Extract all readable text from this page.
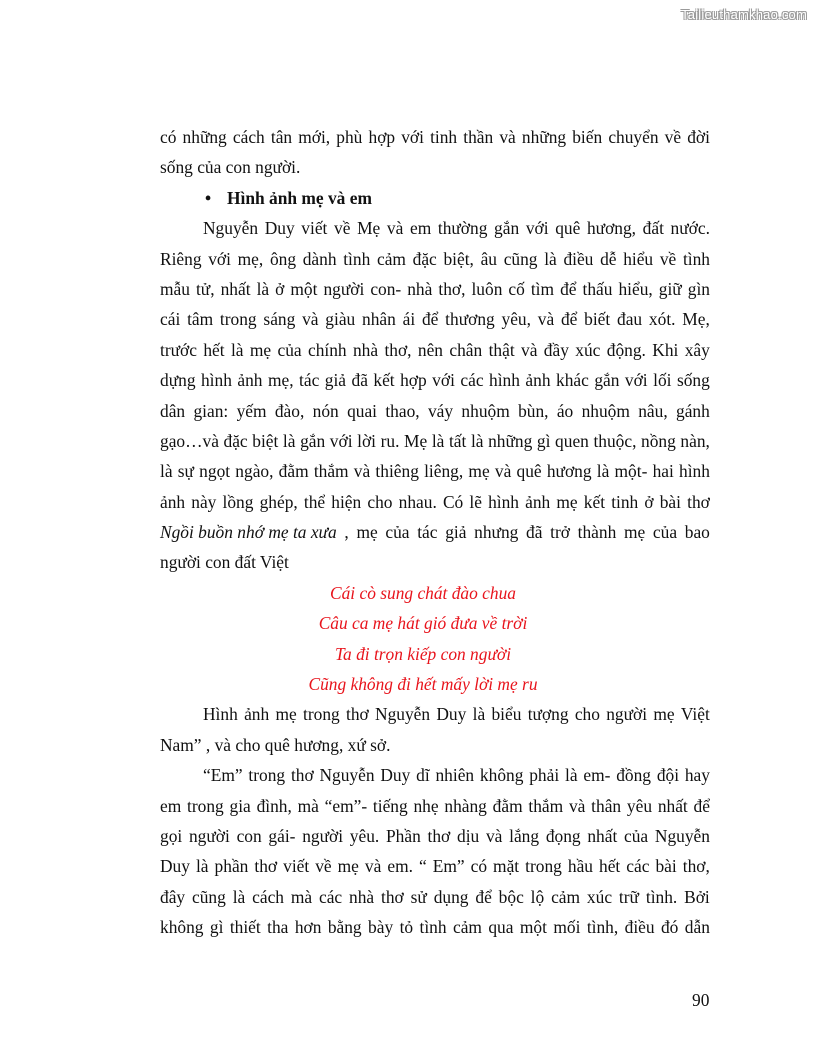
Tailieuthamkhao.com
có những cách tân mới, phù hợp với tinh thần và những biến chuyển về đời
sống của con người.
• Hình ảnh mẹ và em
Nguyễn Duy viết về Mẹ và em thường gắn với quê hương, đất nước.
Riêng với mẹ, ông dành tình cảm đặc biệt, âu cũng là điều dễ hiểu về tình
mẫu tử, nhất là ở một người con- nhà thơ, luôn cố tìm để thấu hiểu, giữ gìn
cái tâm trong sáng và giàu nhân ái để thương yêu, và để biết đau xót. Mẹ,
trước hết là mẹ của chính nhà thơ, nên chân thật và đầy xúc động. Khi xây
dựng hình ảnh mẹ, tác giả đã kết hợp với các hình ảnh khác gắn với lối sống
dân gian: yếm đào, nón quai thao, váy nhuộm bùn, áo nhuộm nâu, gánh
gạo…và đặc biệt là gắn với lời ru. Mẹ là tất là những gì quen thuộc, nồng nàn,
là sự ngọt ngào, đằm thắm và thiêng liêng, mẹ và quê hương là một- hai hình
ảnh này lồng ghép, thể hiện cho nhau. Có lẽ hình ảnh mẹ kết tinh ở bài thơ
Ngồi buồn nhớ mẹ ta xưa , mẹ của tác giả nhưng đã trở thành mẹ của bao
người con đất Việt
Cái cò sung chát đào chua
Câu ca mẹ hát gió đưa về trời
Ta đi trọn kiếp con người
Cũng không đi hết mấy lời mẹ ru
Hình ảnh mẹ trong thơ Nguyễn Duy là biểu tượng cho người mẹ Việt
Nam” , và cho quê hương, xứ sở.
“Em” trong thơ Nguyễn Duy dĩ nhiên không phải là em- đồng đội hay
em trong gia đình, mà “em”- tiếng nhẹ nhàng đằm thắm và thân yêu nhất để
gọi người con gái- người yêu. Phần thơ dịu và lắng đọng nhất của Nguyễn
Duy là phần thơ viết về mẹ và em. “ Em” có mặt trong hầu hết các bài thơ,
đây cũng là cách mà các nhà thơ sử dụng để bộc lộ cảm xúc trữ tình. Bởi
không gì thiết tha hơn bằng bày tỏ tình cảm qua một mối tình, điều đó dẫn
90
